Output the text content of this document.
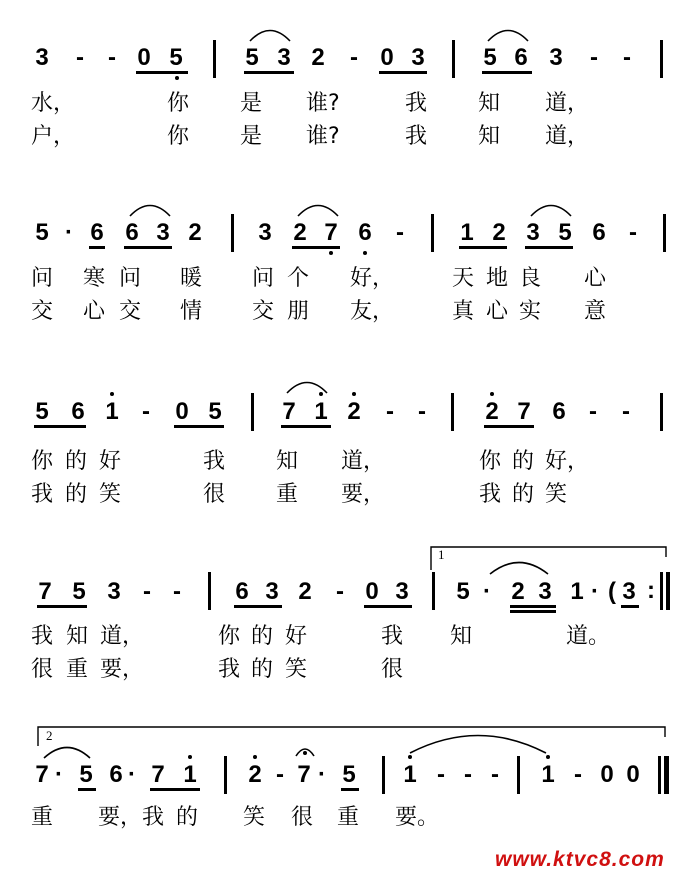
3 - - 0 5	5 3 2 - 0 3 5 6 3 - -
水，	你 是 谁?	我 知 道，
户，	你 是 谁?	我 知 道，
5 · 6 6 3 2 3 2 7 6 - 1 2 3 5 6 -
问 寒 问 暖 问 个 好，	天 地 良 心
交 心 交 情 交 朋 友，	真 心 实 意
5 6 1 - 0 5	7 1 2 - - 2 7 6 - -
你 的 好	我 知 道，	你 的 好，
我 的 笑	很 重 要，	我 的 笑
1
7 5 3 - - 6 3 2 - 0 3 5 · 2 3 1 · ( 3 :
我 知 道，	你 的 好	我 知	道。
很 重 要，	我 的 笑	很
2
7 · 5 6 · 7 1 2 - 7 · 5 1 - - - 1 - 0 0
重 要，我 的 笑 很 重 要。
www.ktvc8.com
